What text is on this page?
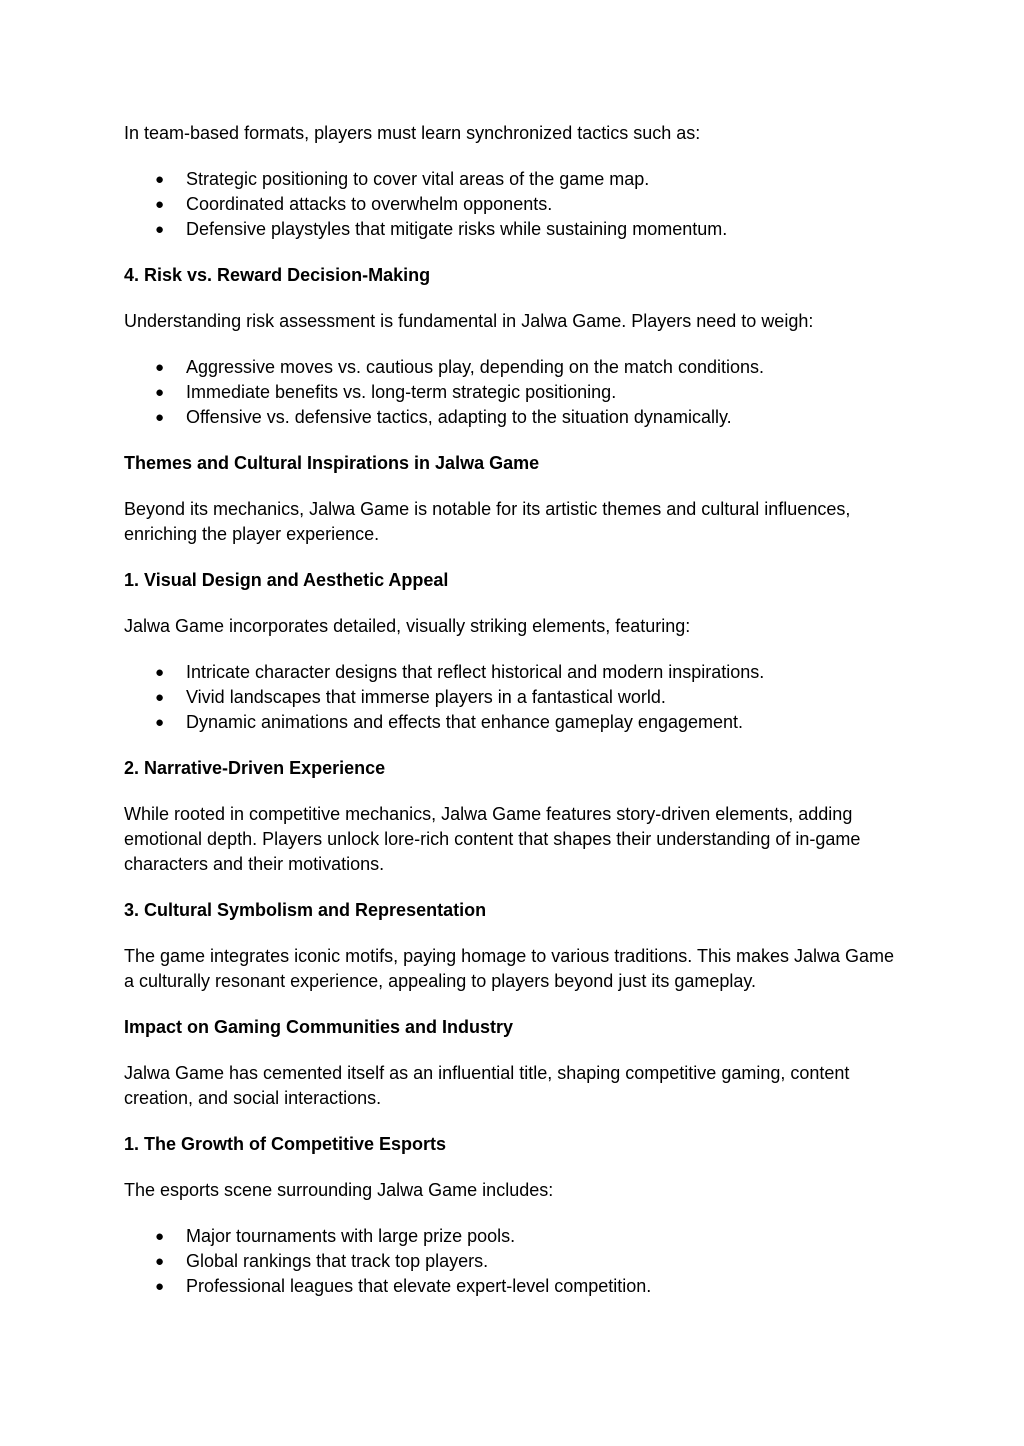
In team-based formats, players must learn synchronized tactics such as:

● Strategic positioning to cover vital areas of the game map.
● Coordinated attacks to overwhelm opponents.
● Defensive playstyles that mitigate risks while sustaining momentum.
4. Risk vs. Reward Decision-Making

Understanding risk assessment is fundamental in Jalwa Game. Players need to weigh:

● Aggressive moves vs. cautious play, depending on the match conditions.
● Immediate benefits vs. long-term strategic positioning.
● Offensive vs. defensive tactics, adapting to the situation dynamically.
Themes and Cultural Inspirations in Jalwa Game

Beyond its mechanics, Jalwa Game is notable for its artistic themes and cultural influences, enriching the player experience.

1. Visual Design and Aesthetic Appeal

Jalwa Game incorporates detailed, visually striking elements, featuring:

● Intricate character designs that reflect historical and modern inspirations.
● Vivid landscapes that immerse players in a fantastical world.
● Dynamic animations and effects that enhance gameplay engagement.
2. Narrative-Driven Experience

While rooted in competitive mechanics, Jalwa Game features story-driven elements, adding emotional depth. Players unlock lore-rich content that shapes their understanding of in-game characters and their motivations.

3. Cultural Symbolism and Representation

The game integrates iconic motifs, paying homage to various traditions. This makes Jalwa Game a culturally resonant experience, appealing to players beyond just its gameplay.

Impact on Gaming Communities and Industry

Jalwa Game has cemented itself as an influential title, shaping competitive gaming, content creation, and social interactions.

1. The Growth of Competitive Esports

The esports scene surrounding Jalwa Game includes:

● Major tournaments with large prize pools.
● Global rankings that track top players.
● Professional leagues that elevate expert-level competition.
